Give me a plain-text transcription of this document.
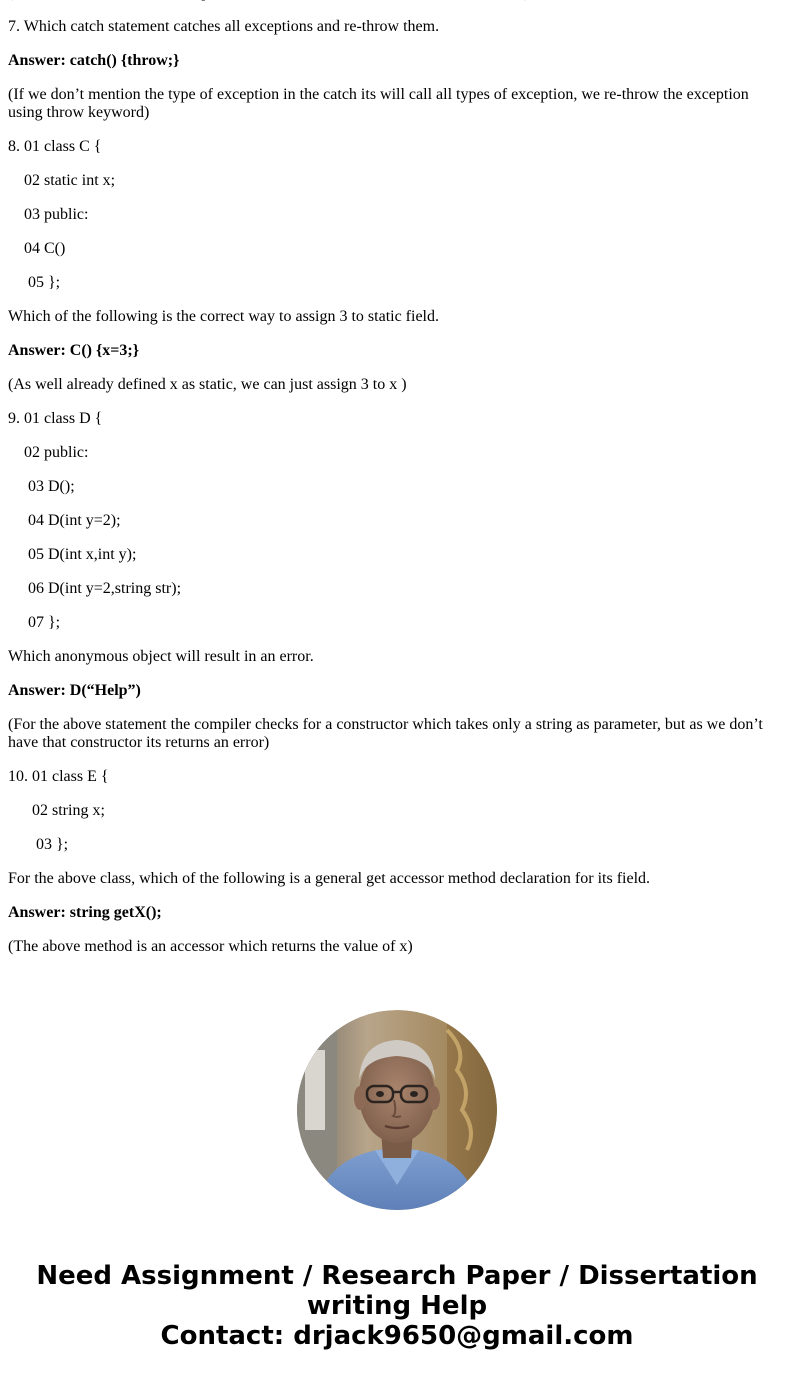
7. Which catch statement catches all exceptions and re-throw them.

Answer: catch() {throw;}

(If we don’t mention the type of exception in the catch its will call all types of exception, we re-throw the exception using throw keyword)

8. 01 class C {

02 static int x;

03 public:

04 C()

05 };

Which of the following is the correct way to assign 3 to static field.

Answer: C() {x=3;}

(As well already defined x as static, we can just assign 3 to x )

9. 01 class D {

02 public:

03 D();

04 D(int y=2);

05 D(int x,int y);

06 D(int y=2,string str);

07 };

Which anonymous object will result in an error.

Answer: D(“Help”)

(For the above statement the compiler checks for a constructor which takes only a string as parameter, but as we don’t have that constructor its returns an error)

10. 01 class E {

02 string x;

03 };

For the above class, which of the following is a general get accessor method declaration for its field.

Answer: string getX();

(The above method is an accessor which returns the value of x)

Need Assignment / Research Paper / Dissertation
writing Help
Contact: drjack9650@gmail.com
